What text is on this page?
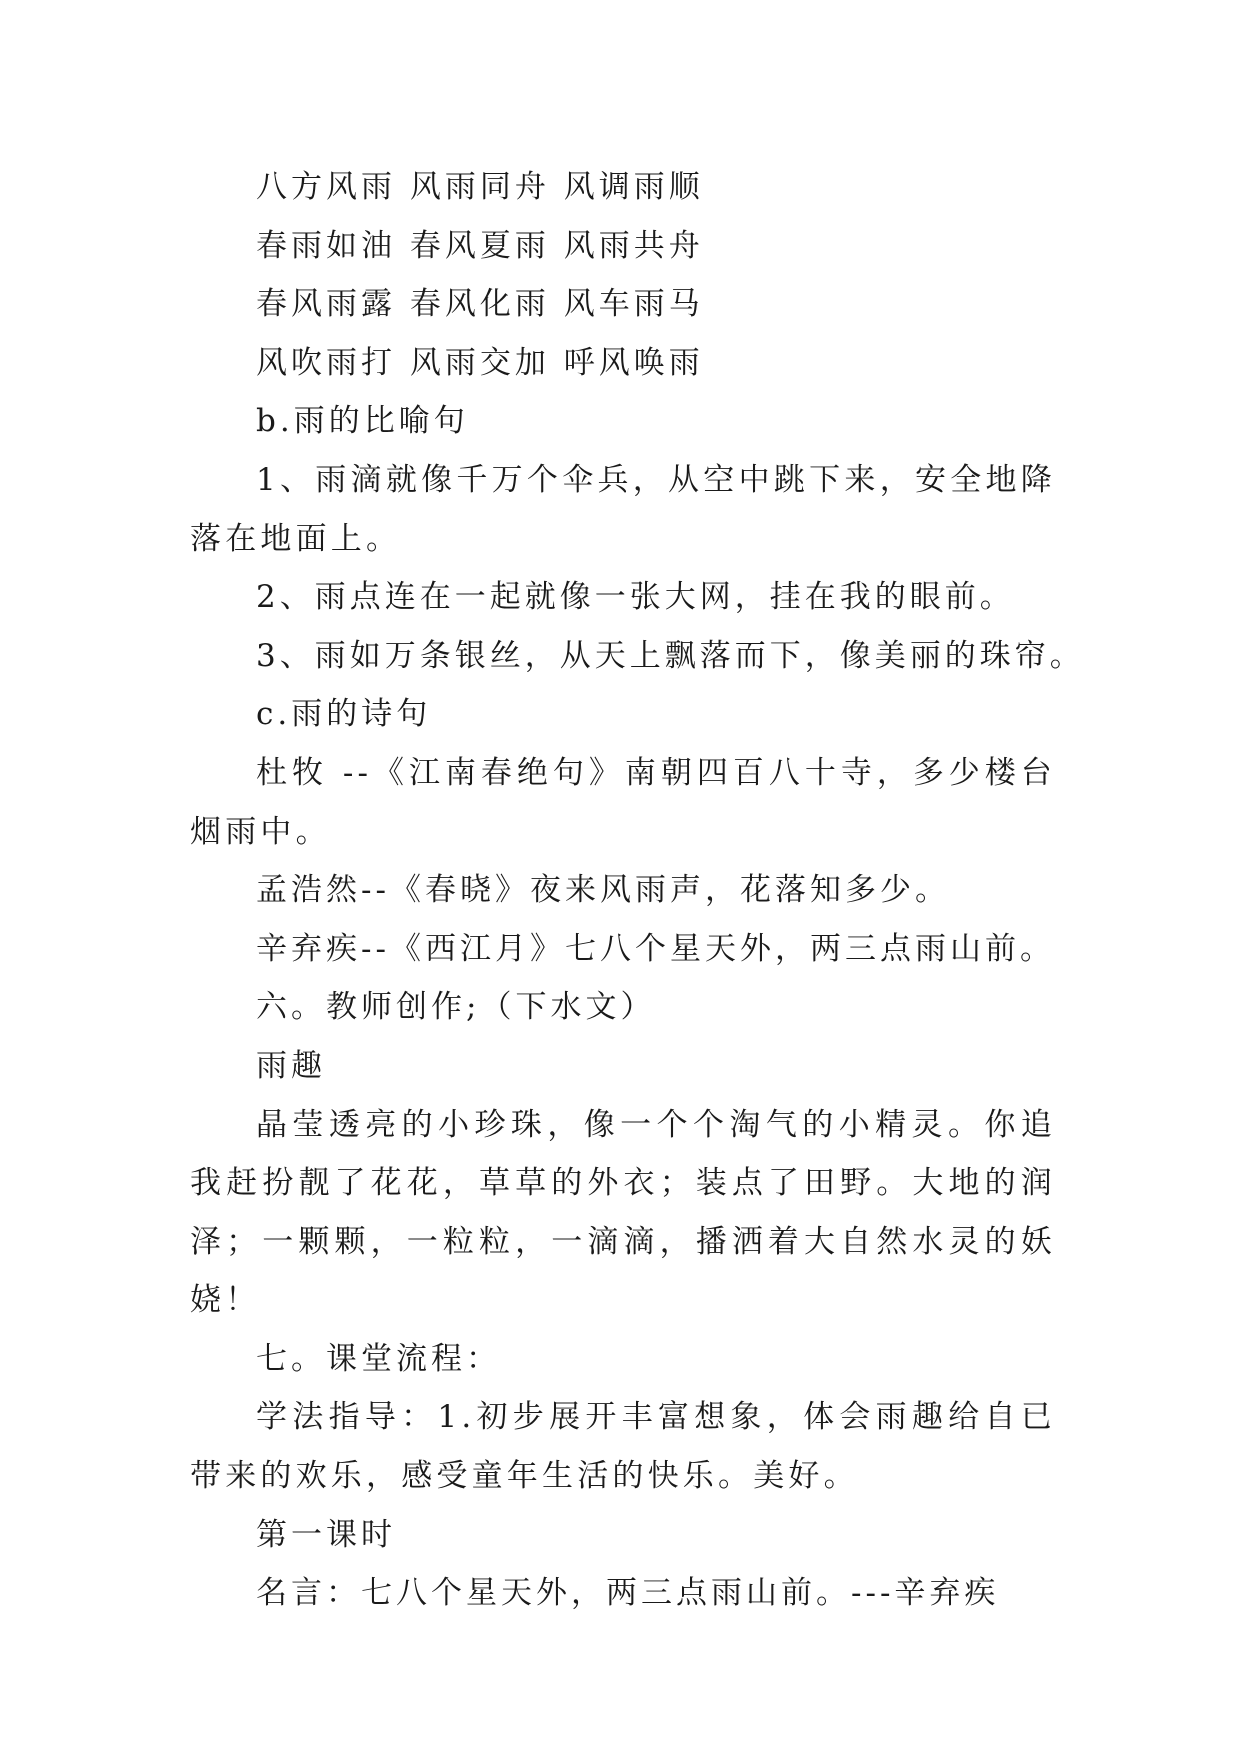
八方风雨 风雨同舟 风调雨顺
春雨如油 春风夏雨 风雨共舟
春风雨露 春风化雨 风车雨马
风吹雨打 风雨交加 呼风唤雨
b.雨的比喻句
1、雨滴就像千万个伞兵，从空中跳下来，安全地降落在地面上。
2、雨点连在一起就像一张大网，挂在我的眼前。
3、雨如万条银丝，从天上飘落而下，像美丽的珠帘。
c.雨的诗句
杜牧 --《江南春绝句》南朝四百八十寺，多少楼台烟雨中。
孟浩然--《春晓》夜来风雨声，花落知多少。
辛弃疾--《西江月》七八个星天外，两三点雨山前。
六。教师创作;（下水文）
雨趣
晶莹透亮的小珍珠，像一个个淘气的小精灵。你追我赶扮靓了花花，草草的外衣；装点了田野。大地的润泽；一颗颗，一粒粒，一滴滴，播洒着大自然水灵的妖娆！
七。课堂流程：
学法指导：1.初步展开丰富想象，体会雨趣给自已带来的欢乐，感受童年生活的快乐。美好。
第一课时
名言：七八个星天外，两三点雨山前。---辛弃疾
